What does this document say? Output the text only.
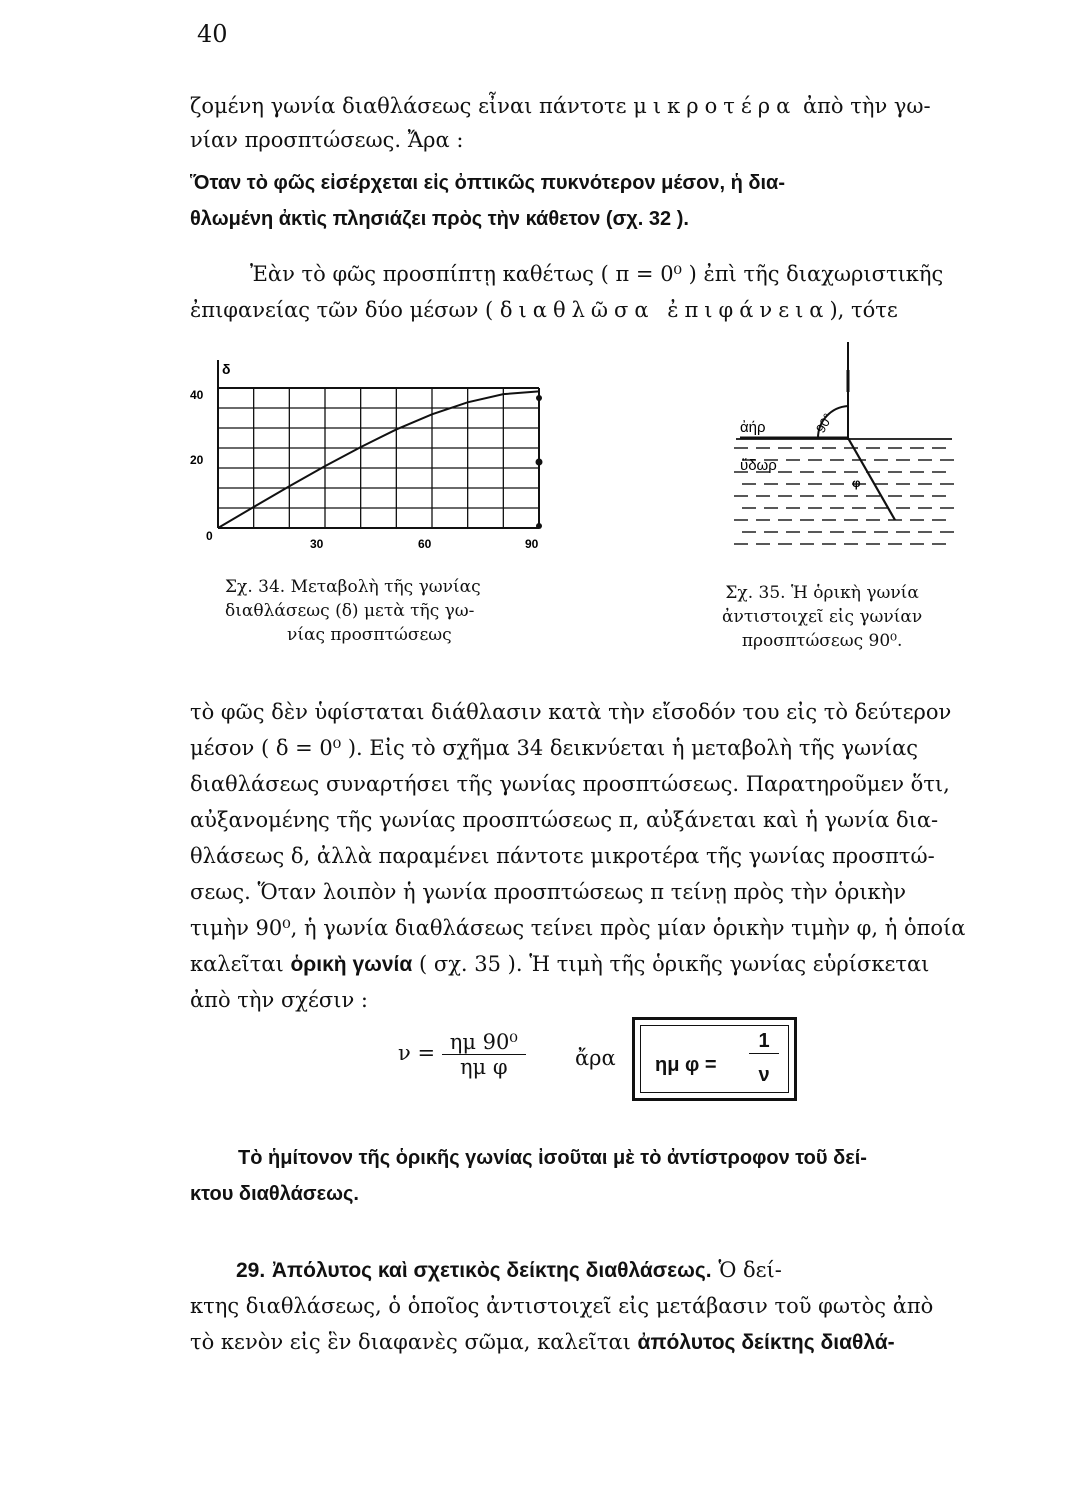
40
ζομένη γωνία διαθλάσεως εἶναι πάντοτε μικροτέρα ἀπὸ τὴν γω-
νίαν προσπτώσεως. Ἄρα :
Ὅταν τὸ φῶς εἰσέρχεται εἰς ὀπτικῶς πυκνότερον μέσον, ἡ δια-
θλωμένη ἀκτὶς πλησιάζει πρὸς τὴν κάθετον (σχ. 32 ).
Ἐὰν τὸ φῶς προσπίπτῃ καθέτως ( π = 0⁰ ) ἐπὶ τῆς διαχωριστικῆς
ἐπιφανείας τῶν δύο μέσων ( διαθλῶσα ἐπιφάνεια), τότε
δ
40
20
0
30	60	90
Σχ. 34. Μεταβολὴ τῆς γωνίας
διαθλάσεως (δ) μετὰ τῆς γω-
νίας προσπτώσεως
90°
ἀήρ
ὕδωρ
φ
Σχ. 35. Ἡ ὁρικὴ γωνία
ἀντιστοιχεῖ εἰς γωνίαν
προσπτώσεως 90⁰.
τὸ φῶς δὲν ὑφίσταται διάθλασιν κατὰ τὴν εἴσοδόν του εἰς τὸ δεύτερον
μέσον ( δ = 0⁰ ). Εἰς τὸ σχῆμα 34 δεικνύεται ἡ μεταβολὴ τῆς γωνίας
διαθλάσεως συναρτήσει τῆς γωνίας προσπτώσεως. Παρατηροῦμεν ὅτι,
αὐξανομένης τῆς γωνίας προσπτώσεως π, αὐξάνεται καὶ ἡ γωνία δια-
θλάσεως δ, ἀλλὰ παραμένει πάντοτε μικροτέρα τῆς γωνίας προσπτώ-
σεως. Ὅταν λοιπὸν ἡ γωνία προσπτώσεως π τείνῃ πρὸς τὴν ὁρικὴν
τιμὴν 90⁰, ἡ γωνία διαθλάσεως τείνει πρὸς μίαν ὁρικὴν τιμὴν φ, ἡ ὁποία
καλεῖται ὁρικὴ γωνία ( σχ. 35 ). Ἡ τιμὴ τῆς ὁρικῆς γωνίας εὑρίσκεται
ἀπὸ τὴν σχέσιν :
$\nu = \frac{\text{ημ 90⁰}}{\text{ημ φ}}$ ἄρα ημ φ =
1
ν
Τὸ ἡμίτονον τῆς ὁρικῆς γωνίας ἰσοῦται μὲ τὸ ἀντίστροφον τοῦ δεί-
κτου διαθλάσεως.
29. Ἀπόλυτος καὶ σχετικὸς δείκτης διαθλάσεως. Ὁ δεί-
κτης διαθλάσεως, ὁ ὁποῖος ἀντιστοιχεῖ εἰς μετάβασιν τοῦ φωτὸς ἀπὸ
τὸ κενὸν εἰς ἓν διαφανὲς σῶμα, καλεῖται ἀπόλυτος δείκτης διαθλά-
